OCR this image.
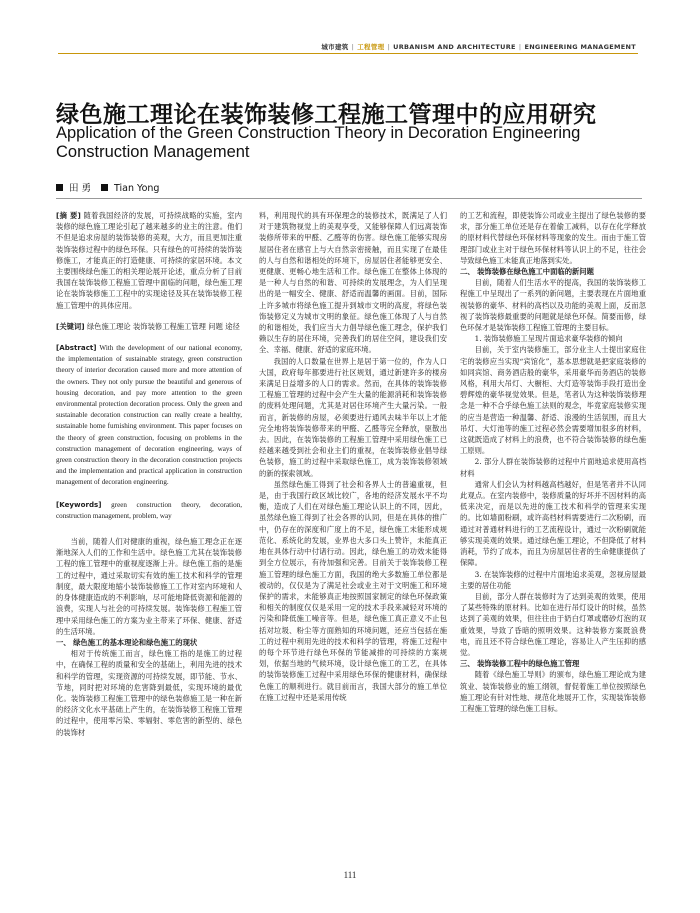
城市建筑 | 工程管理 | URBANISM AND ARCHITECTURE | ENGINEERING MANAGEMENT
绿色施工理论在装饰装修工程施工管理中的应用研究
Application of the Green Construction Theory in Decoration Engineering Construction Management
田 勇 Tian Yong

[摘 要] 随着我国经济的发展，可持续战略的实施，室内装修的绿色施工理论引起了越来越多的业主的注意。他们不但是追求房屋的装饰装修的美观，大方，而且更加注重装饰装修过程中的绿色环保。只有绿色的可持续的装饰装修施工，才能真正的打造健康、可持续的家居环境。本文主要围绕绿色施工的相关理论展开论述，重点分析了目前我国在装饰装修工程施工管理中面临的问题，绿色施工理论在装饰装修施工工程中的实现途径及其在装饰装修工程施工管理中的具体应用。

[关键词] 绿色施工理论 装饰装修工程施工管理 问题 途径

[Abstract] With the development of our national economy, the implementation of sustainable strategy, green construction theory of interior decoration caused more and more attention of the owners. They not only pursue the beautiful and generous of housing decoration, and pay more attention to the green environmental protection decoration process. Only the green and sustainable decoration construction can really create a healthy, sustainable home furnishing environment. This paper focuses on the theory of green construction, focusing on problems in the construction management of decoration engineering, ways of green construction theory in the decoration construction projects and the implementation and practical application in construction management of decoration engineering.

[Keywords] green construction theory, decoration, construction management, problem, way

当前，随着人们对健康的重视，绿色施工理念正在逐渐地深入人们的工作和生活中。绿色施工尤其在装饰装修工程的施工管理中的重视度逐渐上升。绿色施工指的是施工的过程中，通过采取切实有效的施工技术和科学的管理制度，最大限度地缩小装饰装修施工工作对室内环境和人的身体健康造成的不利影响，尽可能地降低资源和能源的浪费，实现人与社会的可持续发展。装饰装修工程施工管理中采用绿色施工的方案为业主带来了环保、健康、舒适的生活环境。

一、 绿色施工的基本理论和绿色施工的现状

相对于传统施工而言，绿色施工指的是施工的过程中，在确保工程的质量和安全的基础上，利用先进的技术和科学的管理，实现资源的可持续发展，即节能、节水、节地，同时把对环境的危害降到最低，实现环境的最优化。装饰装修工程施工管理中的绿色装修施工是一种在新的经济文化水平基础上产生的，在装饰装修工程施工管理的过程中，使用零污染、零辐射、零危害的新型的、绿色的装饰材

料，利用现代的具有环保理念的装修技术，既满足了人们对于建筑物视觉上的美观享受，又能够保障人们远离装饰装修所带来的甲醛、乙醛等的伤害。绿色施工能够实现房屋居住者在感官上与大自然亲密接触，而且实现了在最佳的人与自然和谐相处的环境下，房屋居住者能够更安全、更健康、更畅心地生活和工作。绿色施工在整体上体现的是一种人与自然的和谐、可持续的发展理念，为人们呈现出的是一幅安全、健康、舒适而温馨的画面。目前，国际上许多城市将绿色施工提升到城市文明的高度，将绿色装饰装修定义为城市文明的象征。绿色施工体现了人与自然的和谐相处，我们应当大力倡导绿色施工理念，保护我们赖以生存的居住环境，完善我们的居住空间，建设我们安全、幸福、健康、舒适的家庭环境。

我国的人口数量在世界上是居于第一位的，作为人口大国，政府每年都要进行社区规划，通过新建许多的楼房来满足日益增多的人口的需求。然而，在具体的装饰装修工程施工管理的过程中会产生大量的能源消耗和装饰装修的废料处理问题，尤其是对居住环境产生大量污染。一般而言，新装修的房屋，必须要进行通风去味半年以上才能完全地将装饰装修带来的甲醛、乙醛等完全释放，驱散出去。因此，在装饰装修的工程施工管理中采用绿色施工已经越来越受到社会和业主们的重视，在装饰装修业倡导绿色装修，施工的过程中采取绿色施工，成为装饰装修领域的新的探索领域。

虽然绿色施工得到了社会和各界人士的普遍重视，但是，由于我国行政区域比较广，各地的经济发展水平不均衡，造成了人们在对绿色施工理论认识上的不同，因此，虽然绿色施工得到了社会各界的认同，但是在具体的推广中，仍存在的深度和广度上的不足，绿色施工未能形成规范化、系统化的发展，业界也大多口头上赞许，未能真正地在具体行动中付诸行动。因此，绿色施工的功效未能得到全方位展示，有待加强和完善。目前关于装饰装修工程施工管理的绿色施工方面，我国的绝大多数施工单位都是被动的，仅仅是为了满足社会或业主对于文明施工和环境保护的需求，未能够真正地按照国家制定的绿色环保政策和相关的制度仅仅是采用一定的技术手段来减轻对环境的污染和降低施工噪音等。但是，绿色施工真正意义不止包括对垃圾、粉尘等方面熟知的环境问题，还应当包括在施工的过程中利用先进的技术和科学的管理，将施工过程中的每个环节进行绿色环保的节能减排的可持续的方案规划，依据当地的气候环境，设计绿色施工的工艺，在具体的装饰装修施工过程中采用绿色环保的健康材料，确保绿色施工的顺利进行。就目前而言，我国大部分的施工单位在施工过程中还是采用传统

的工艺和流程，即使装饰公司或业主提出了绿色装修的要求，部分施工单位还是存在着偷工减料，以存在化学释放的原材料代替绿色环保材料等现象的发生。而由于施工管理部门或业主对于绿色环保材料等认识上的不足，往往会导致绿色施工未能真正地落到实处。

二、 装饰装修在绿色施工中面临的新问题

目前，随着人们生活水平的提高，我国的装饰装修工程施工中呈现出了一系列的新问题，主要表现在片面地重视装修的豪华、材料的高档以及功能的美观上面，反而忽视了装饰装修最重要的问题就是绿色环保。简要而修，绿色环保才是装饰装修工程施工管理的主要目标。

1. 装饰装修施工呈现片面追求豪华装修的倾向

目前，关于室内装修施工，部分业主人士提出家庭住宅的装修应当实现“宾馆化”，基本思想就是把家庭装修的如同宾馆、商务酒店般的豪华，采用豪华而务酒店的装修风格，利用大吊灯、大橱柜、大灯造等装饰手段打造出金碧辉煌的豪华视觉效果。但是，笔者认为这种装饰装修理念是一种不合乎绿色施工法则的观念，毕竟家庭装修实现的应当是营造一种温馨、舒适、浪漫的生活氛围，而且大吊灯、大灯池等的施工过程必然会需要增加很多的材料，这就既造成了材料上的浪费，也不符合装饰装修的绿色施工原则。

2. 部分人群在装饰装修的过程中片面地追求使用高档材料

通常人们会认为材料越高档越好，但是笔者并不认同此观点。在室内装修中，装修质量的好坏并不因材料的高低来决定，而是以先进的施工技术和科学的管理来实现的。比如墙面粉刷，或许高档材料需要进行二次粉刷，而通过对普通材料进行的工艺流程设计，通过一次粉刷就能够实现美观的效果。通过绿色施工理论，不但降低了材料消耗，节约了成本，而且为房屋居住者的生命健康提供了保障。

3. 在装饰装修的过程中片面地追求美观，忽视房屋最主要的居住功能

目前，部分人群在装修时为了达到美观的效果，使用了某些特殊的原材料。比如在进行吊灯设计的时候，虽然达到了美观的效果，但往往由于奶白灯罩或磨砂灯泡的双重效果，导致了昏暗的照明效果。这种装修方案既浪费电，而且还不符合绿色施工理论，容易让人产生压抑的感觉。

三、 装饰装修工程中的绿色施工管理

随着《绿色施工导则》的颁布，绿色施工理论成为建筑业、装饰装修业的施工纲领，督促着施工单位按照绿色施工理论有针对性地、规范化地展开工作，实现装饰装修工程施工管理的绿色施工目标。

111
